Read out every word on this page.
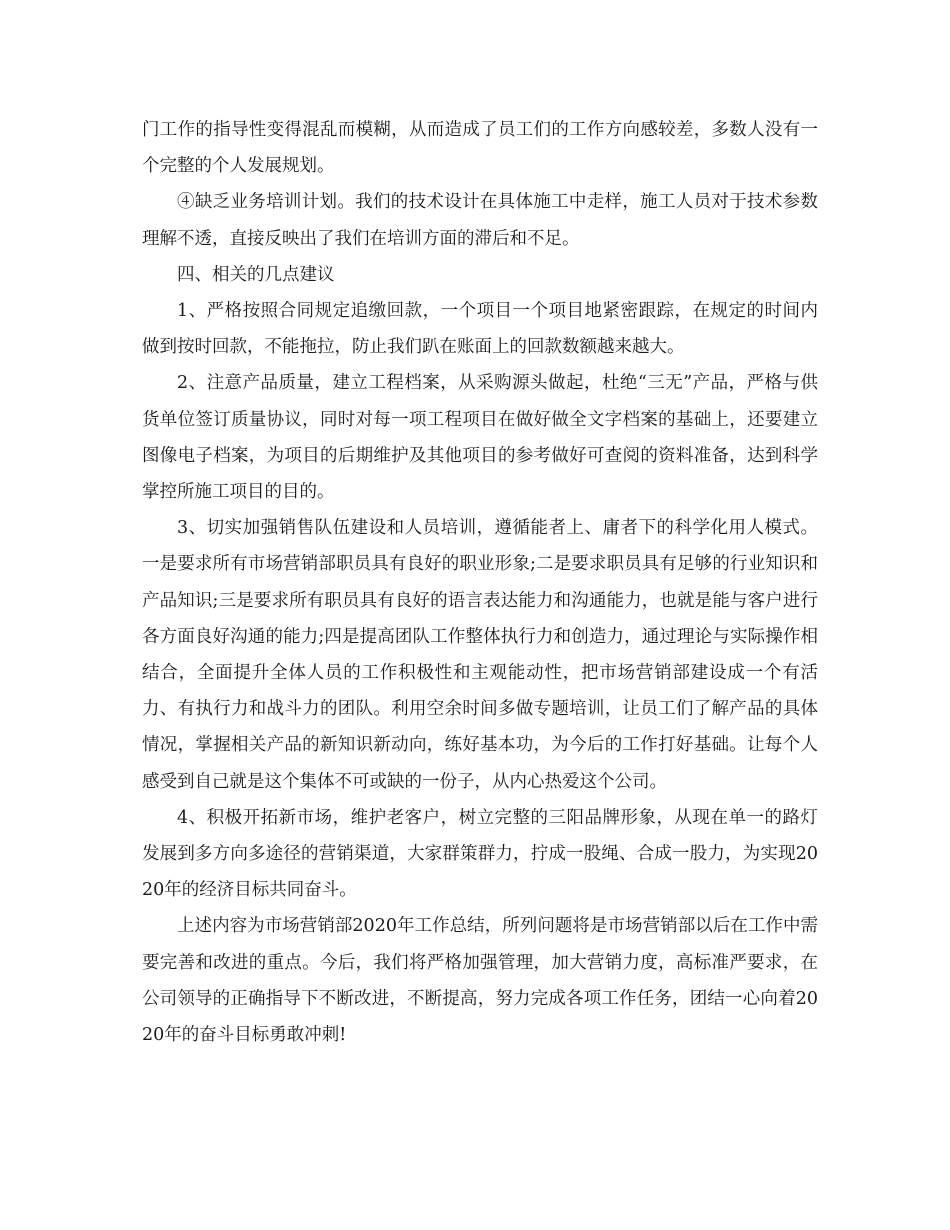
门工作的指导性变得混乱而模糊，从而造成了员工们的工作方向感较差，多数人没有一个完整的个人发展规划。

④缺乏业务培训计划。我们的技术设计在具体施工中走样，施工人员对于技术参数理解不透，直接反映出了我们在培训方面的滞后和不足。

四、相关的几点建议

1、严格按照合同规定追缴回款，一个项目一个项目地紧密跟踪，在规定的时间内做到按时回款，不能拖拉，防止我们趴在账面上的回款数额越来越大。

2、注意产品质量，建立工程档案，从采购源头做起，杜绝“三无”产品，严格与供货单位签订质量协议，同时对每一项工程项目在做好做全文字档案的基础上，还要建立图像电子档案，为项目的后期维护及其他项目的参考做好可查阅的资料准备，达到科学掌控所施工项目的目的。

3、切实加强销售队伍建设和人员培训，遵循能者上、庸者下的科学化用人模式。一是要求所有市场营销部职员具有良好的职业形象;二是要求职员具有足够的行业知识和产品知识;三是要求所有职员具有良好的语言表达能力和沟通能力，也就是能与客户进行各方面良好沟通的能力;四是提高团队工作整体执行力和创造力，通过理论与实际操作相结合，全面提升全体人员的工作积极性和主观能动性，把市场营销部建设成一个有活力、有执行力和战斗力的团队。利用空余时间多做专题培训，让员工们了解产品的具体情况，掌握相关产品的新知识新动向，练好基本功，为今后的工作打好基础。让每个人感受到自己就是这个集体不可或缺的一份子，从内心热爱这个公司。

4、积极开拓新市场，维护老客户，树立完整的三阳品牌形象，从现在单一的路灯发展到多方向多途径的营销渠道，大家群策群力，拧成一股绳、合成一股力，为实现2020年的经济目标共同奋斗。

上述内容为市场营销部2020年工作总结，所列问题将是市场营销部以后在工作中需要完善和改进的重点。今后，我们将严格加强管理，加大营销力度，高标准严要求，在公司领导的正确指导下不断改进，不断提高，努力完成各项工作任务，团结一心向着2020年的奋斗目标勇敢冲刺!
